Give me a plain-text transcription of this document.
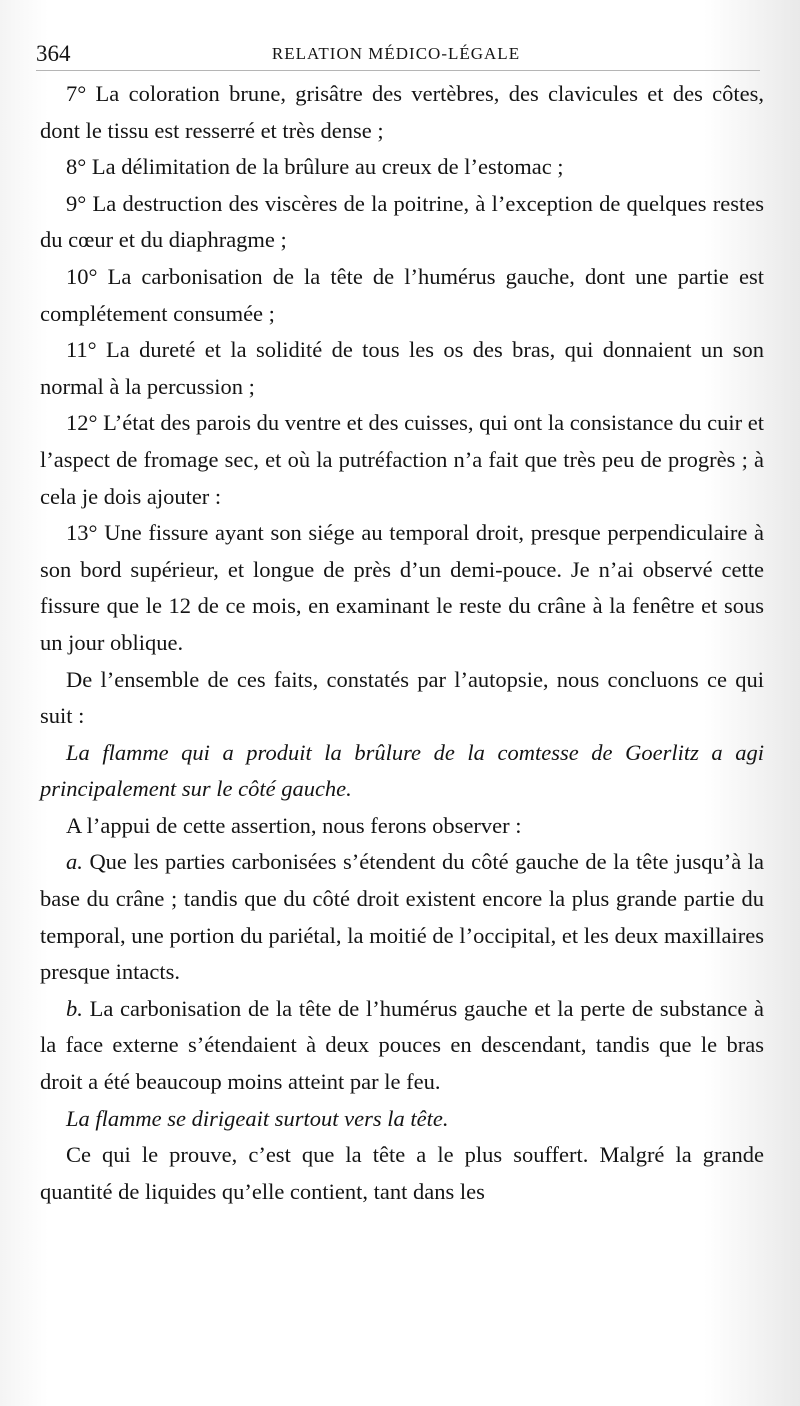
364	RELATION MÉDICO-LÉGALE

7° La coloration brune, grisâtre des vertèbres, des clavicules et des côtes, dont le tissu est resserré et très dense ;

8° La délimitation de la brûlure au creux de l’estomac ;

9° La destruction des viscères de la poitrine, à l’exception de quelques restes du cœur et du diaphragme ;

10° La carbonisation de la tête de l’humérus gauche, dont une partie est complétement consumée ;

11° La dureté et la solidité de tous les os des bras, qui donnaient un son normal à la percussion ;

12° L’état des parois du ventre et des cuisses, qui ont la consistance du cuir et l’aspect de fromage sec, et où la putréfaction n’a fait que très peu de progrès ; à cela je dois ajouter :

13° Une fissure ayant son siége au temporal droit, presque perpendiculaire à son bord supérieur, et longue de près d’un demi-pouce. Je n’ai observé cette fissure que le 12 de ce mois, en examinant le reste du crâne à la fenêtre et sous un jour oblique.

De l’ensemble de ces faits, constatés par l’autopsie, nous concluons ce qui suit :

La flamme qui a produit la brûlure de la comtesse de Goerlitz a agi principalement sur le côté gauche.

A l’appui de cette assertion, nous ferons observer :

a. Que les parties carbonisées s’étendent du côté gauche de la tête jusqu’à la base du crâne ; tandis que du côté droit existent encore la plus grande partie du temporal, une portion du pariétal, la moitié de l’occipital, et les deux maxillaires presque intacts.

b. La carbonisation de la tête de l’humérus gauche et la perte de substance à la face externe s’étendaient à deux pouces en descendant, tandis que le bras droit a été beaucoup moins atteint par le feu.

La flamme se dirigeait surtout vers la tête.

Ce qui le prouve, c’est que la tête a le plus souffert. Malgré la grande quantité de liquides qu’elle contient, tant dans les
